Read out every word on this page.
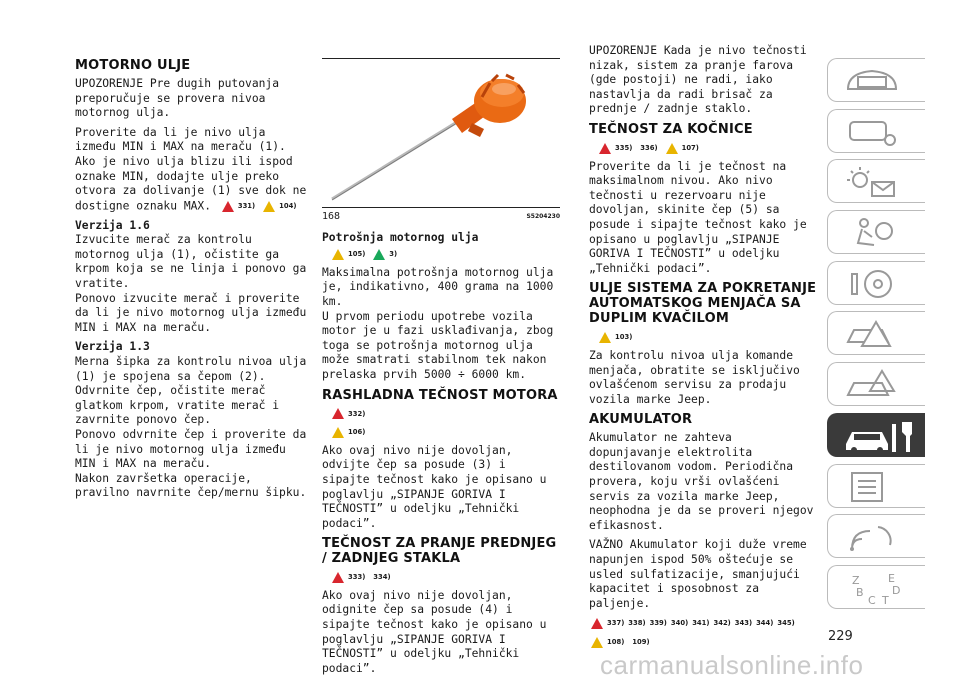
MOTORNO ULJE

UPOZORENJE Pre dugih putovanja preporučuje se provera nivoa motornog ulja.

Proverite da li je nivo ulja između MIN i MAX na meraču (1).

Ako je nivo ulja blizu ili ispod oznake MIN, dodajte ulje preko otvora za dolivanje (1) sve dok ne dostigne oznaku MAX.	331)	104)

Verzija 1.6

Izvucite merač za kontrolu motornog ulja (1), očistite ga krpom koja se ne linja i ponovo ga vratite.

Ponovo izvucite merač i proverite da li je nivo motornog ulja između MIN i MAX na meraču.

Verzija 1.3

Merna šipka za kontrolu nivoa ulja (1) je spojena sa čepom (2). Odvrnite čep, očistite merač glatkom krpom, vratite merač i zavrnite ponovo čep.

Ponovo odvrnite čep i proverite da li je nivo motornog ulja između MIN i MAX na meraču.

Nakon završetka operacije, pravilno navrnite čep/mernu šipku.

168	S5204230
Potrošnja motornog ulja
105)	3)

Maksimalna potrošnja motornog ulja je, indikativno, 400 grama na 1000 km.

U prvom periodu upotrebe vozila motor je u fazi usklađivanja, zbog toga se potrošnja motornog ulja može smatrati stabilnom tek nakon prelaska prvih 5000 ÷ 6000 km.

RASHLADNA TEČNOST MOTORA
332)
106)

Ako ovaj nivo nije dovoljan, odvijte čep sa posude (3) i sipajte tečnost kako je opisano u poglavlju „SIPANJE GORIVA I TEČNOSTI” u odeljku „Tehnički podaci”.

TEČNOST ZA PRANJE PREDNJEG / ZADNJEG STAKLA
333) 334)

Ako ovaj nivo nije dovoljan, odignite čep sa posude (4) i sipajte tečnost kako je opisano u poglavlju „SIPANJE GORIVA I TEČNOSTI” u odeljku „Tehnički podaci”.

UPOZORENJE Kada je nivo tečnosti nizak, sistem za pranje farova (gde postoji) ne radi, iako nastavlja da radi brisač za prednje / zadnje staklo.

TEČNOST ZA KOČNICE
335) 336)	107)

Proverite da li je tečnost na maksimalnom nivou. Ako nivo tečnosti u rezervoaru nije dovoljan, skinite čep (5) sa posude i sipajte tečnost kako je opisano u poglavlju „SIPANJE GORIVA I TEČNOSTI” u odeljku „Tehnički podaci”.

ULJE SISTEMA ZA POKRETANJE AUTOMATSKOG MENJAČA SA DUPLIM KVAČILOM
103)

Za kontrolu nivoa ulja komande menjača, obratite se isključivo ovlašćenom servisu za prodaju vozila marke Jeep.

AKUMULATOR

Akumulator ne zahteva dopunjavanje elektrolita destilovanom vodom. Periodična provera, koju vrši ovlašćeni servis za vozila marke Jeep, neophodna je da se proveri njegov efikasnost.

VAŽNO Akumulator koji duže vreme napunjen ispod 50% oštećuje se usled sulfatizacije, smanjujući kapacitet i sposobnost za paljenje.

337) 338) 339) 340) 341) 342) 343) 344) 345)
108) 109)
Z	E
B	D
C T
229
carmanualsonline.info
